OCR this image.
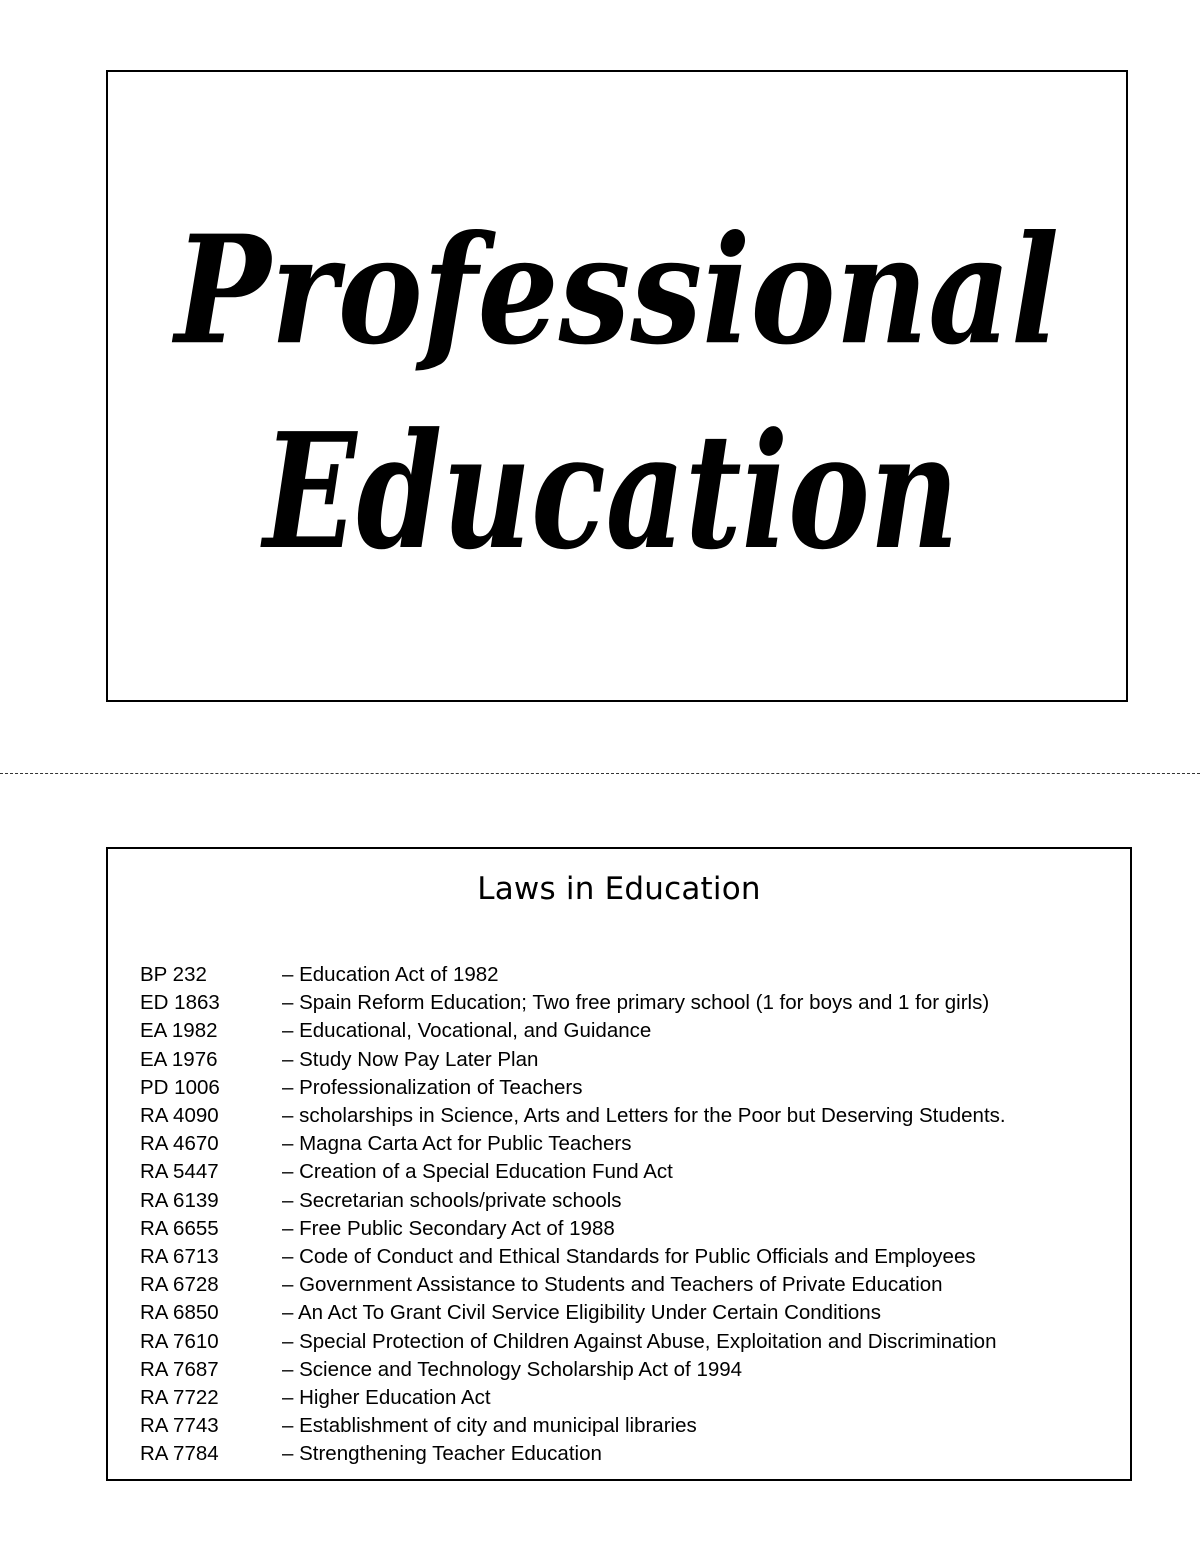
Professional
Education
Laws in Education
BP 232	– Education Act of 1982
ED 1863	– Spain Reform Education; Two free primary school (1 for boys and 1 for girls)
EA 1982	– Educational, Vocational, and Guidance
EA 1976	– Study Now Pay Later Plan
PD 1006	– Professionalization of Teachers
RA 4090	– scholarships in Science, Arts and Letters for the Poor but Deserving Students.
RA 4670	– Magna Carta Act for Public Teachers
RA 5447	– Creation of a Special Education Fund Act
RA 6139	– Secretarian schools/private schools
RA 6655	– Free Public Secondary Act of 1988
RA 6713	– Code of Conduct and Ethical Standards for Public Officials and Employees
RA 6728	– Government Assistance to Students and Teachers of Private Education
RA 6850	– An Act To Grant Civil Service Eligibility Under Certain Conditions
RA 7610	– Special Protection of Children Against Abuse, Exploitation and Discrimination
RA 7687	– Science and Technology Scholarship Act of 1994
RA 7722	– Higher Education Act
RA 7743	– Establishment of city and municipal libraries
RA 7784	– Strengthening Teacher Education
